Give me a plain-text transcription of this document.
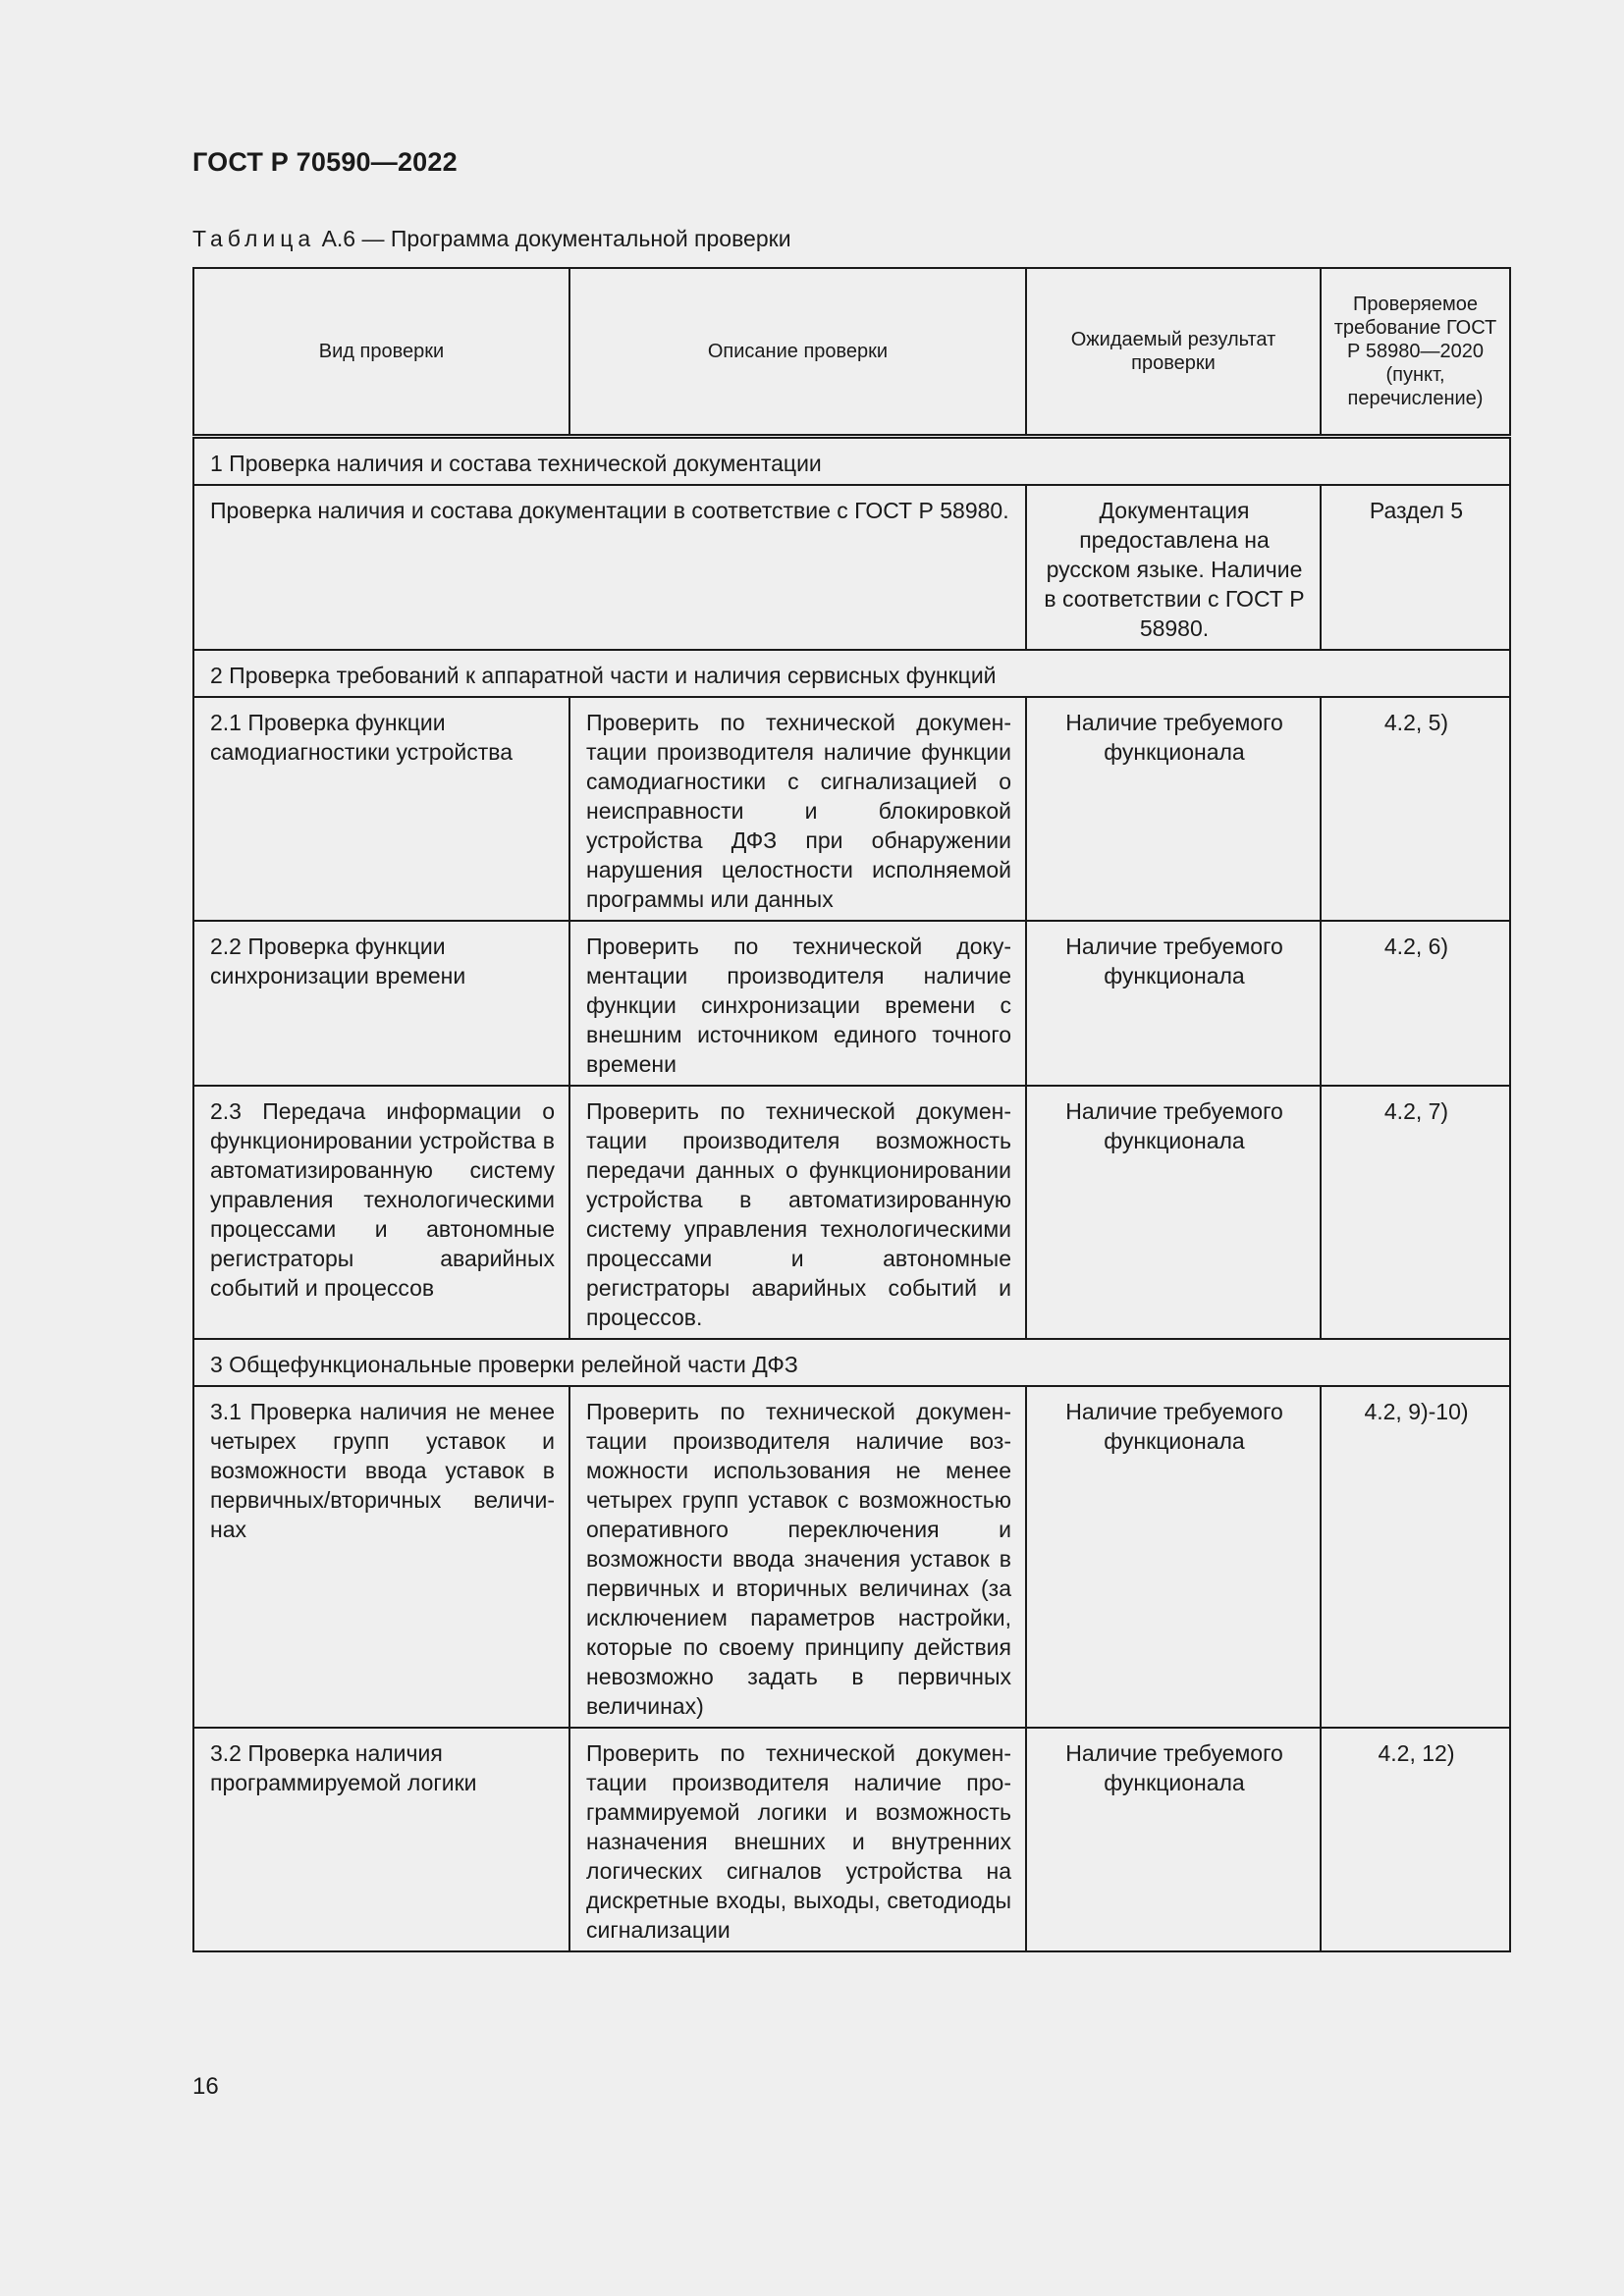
ГОСТ Р 70590—2022
Таблица А.6 — Программа документальной проверки
Вид проверки	Описание проверки	Ожидаемый результат проверки	Проверяемое требование ГОСТ Р 58980—2020 (пункт, перечисление)
1 Проверка наличия и состава технической документации			
Проверка наличия и состава документации в соответствие с ГОСТ Р 58980.		Документация предоставлена на русском языке. Наличие в соответствии с ГОСТ Р 58980.	Раздел 5
2 Проверка требований к аппаратной части и наличия сервисных функций			
2.1 Проверка функции самодиагностики устройства	Проверить по технической документации производителя наличие функции самодиагностики с сигнализацией о неисправности и блокировкой устройства ДФЗ при обнаружении нарушения целостности исполняемой программы или данных	Наличие требуемого функционала	4.2, 5)
2.2 Проверка функции синхронизации времени	Проверить по технической документации производителя наличие функции синхронизации времени с внешним источником единого точного времени	Наличие требуемого функционала	4.2, 6)
2.3 Передача информации о функционировании устройства в автоматизированную систему управления технологическими процессами и автономные регистраторы аварийных событий и процессов	Проверить по технической документации производителя возможность передачи данных о функционировании устройства в автоматизированную систему управления технологическими процессами и автономные регистраторы аварийных событий и процессов.	Наличие требуемого функционала	4.2, 7)
3 Общефункциональные проверки релейной части ДФЗ			
3.1 Проверка наличия не менее четырех групп уставок и возможности ввода уставок в первичных/вторичных величинах	Проверить по технической документации производителя наличие возможности использования не менее четырех групп уставок с возможностью оперативного переключения и возможности ввода значения уставок в первичных и вторичных величинах (за исключением параметров настройки, которые по своему принципу действия невозможно задать в первичных величинах)	Наличие требуемого функционала	4.2, 9)-10)
3.2 Проверка наличия программируемой логики	Проверить по технической документации производителя наличие программируемой логики и возможность назначения внешних и внутренних логических сигналов устройства на дискретные входы, выходы, светодиоды сигнализации	Наличие требуемого функционала	4.2, 12)
16
